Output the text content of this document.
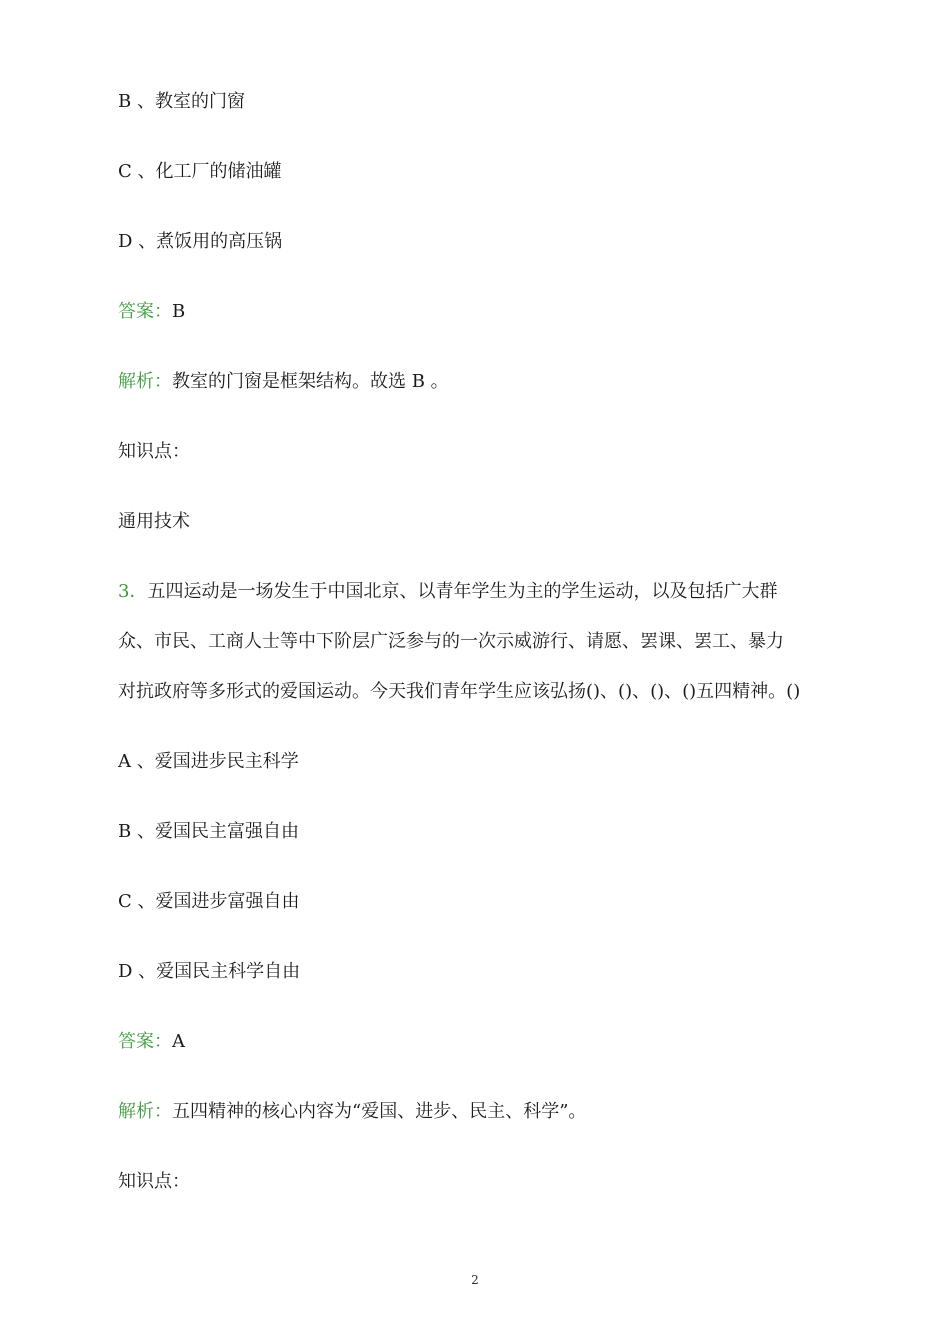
B 、教室的门窗
C 、化工厂的储油罐
D 、煮饭用的高压锅
答案：B
解析：教室的门窗是框架结构。故选 B 。
知识点：
通用技术
3．五四运动是一场发生于中国北京、以青年学生为主的学生运动，以及包括广大群
众、市民、工商人士等中下阶层广泛参与的一次示威游行、请愿、罢课、罢工、暴力
对抗政府等多形式的爱国运动。今天我们青年学生应该弘扬()、()、()、()五四精神。()
A 、爱国进步民主科学
B 、爱国民主富强自由
C 、爱国进步富强自由
D 、爱国民主科学自由
答案：A
解析：五四精神的核心内容为“爱国、进步、民主、科学”。
知识点：
2
